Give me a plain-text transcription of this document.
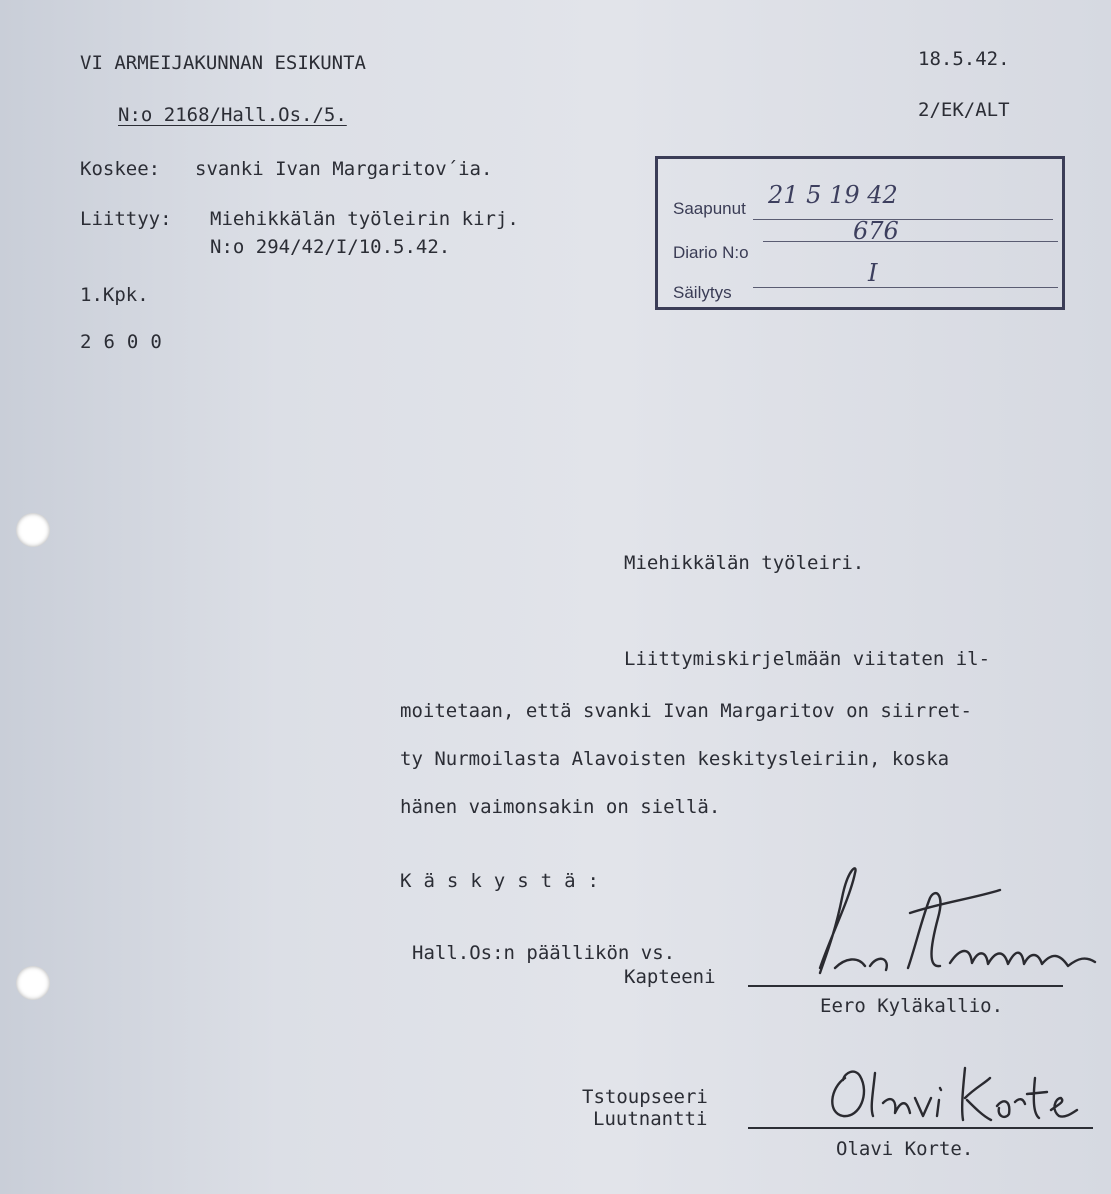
VI ARMEIJAKUNNAN ESIKUNTA	18.5.42.
N:o 2168/Hall.Os./5.	2/EK/ALT
Koskee: svanki Ivan Margaritov´ia.
Liittyy: Miehikkälän työleirin kirj.
N:o 294/42/I/10.5.42.
1.Kpk.
2600
Saapunut 21 5 19 42
Diario N:o
676
Säilytys
I
Miehikkälän työleiri.
Liittymiskirjelmään viitaten il-
moitetaan, että svanki Ivan Margaritov on siirret-
ty Nurmoilasta Alavoisten keskitysleiriin, koska
hänen vaimonsakin on siellä.
Käskystä:
Hall.Os:n päällikön vs.
Kapteeni
Eero Kyläkallio.
Tstoupseeri
Luutnantti
Olavi Korte.
